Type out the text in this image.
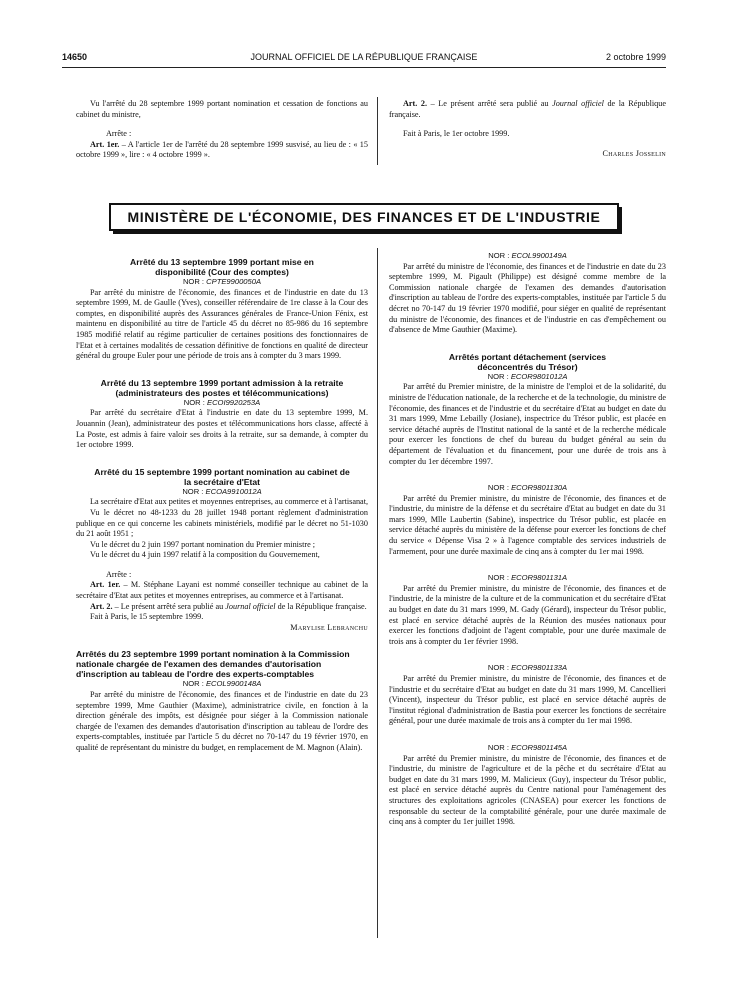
14650	JOURNAL OFFICIEL DE LA RÉPUBLIQUE FRANÇAISE	2 octobre 1999

Vu l'arrêté du 28 septembre 1999 portant nomination et cessation de fonctions au cabinet du ministre,

Arrête :

Art. 1er. – A l'article 1er de l'arrêté du 28 septembre 1999 susvisé, au lieu de : « 15 octobre 1999 », lire : « 4 octobre 1999 ».

Art. 2. – Le présent arrêté sera publié au Journal officiel de la République française.

Fait à Paris, le 1er octobre 1999.

Charles Josselin

MINISTÈRE DE L'ÉCONOMIE, DES FINANCES ET DE L'INDUSTRIE

Arrêté du 13 septembre 1999 portant mise en disponibilité (Cour des comptes)

NOR : CPTE9900050A

Par arrêté du ministre de l'économie, des finances et de l'industrie en date du 13 septembre 1999, M. de Gaulle (Yves), conseiller référendaire de 1re classe à la Cour des comptes, en disponibilité auprès des Assurances générales de France-Union Fénix, est maintenu en disponibilité au titre de l'article 45 du décret no 85-986 du 16 septembre 1985 modifié relatif au régime particulier de certaines positions des fonctionnaires de l'Etat et à certaines modalités de cessation définitive de fonctions en qualité de directeur général du groupe Euler pour une période de trois ans à compter du 3 mars 1999.

Arrêté du 13 septembre 1999 portant admission à la retraite (administrateurs des postes et télécommunications)

NOR : ECOI9920253A

Par arrêté du secrétaire d'Etat à l'industrie en date du 13 septembre 1999, M. Jouannin (Jean), administrateur des postes et télécommunications hors classe, affecté à La Poste, est admis à faire valoir ses droits à la retraite, sur sa demande, à compter du 1er octobre 1999.

Arrêté du 15 septembre 1999 portant nomination au cabinet de la secrétaire d'Etat

NOR : ECOA9910012A

La secrétaire d'Etat aux petites et moyennes entreprises, au commerce et à l'artisanat,

Vu le décret no 48-1233 du 28 juillet 1948 portant règlement d'administration publique en ce qui concerne les cabinets ministériels, modifié par le décret no 51-1030 du 21 août 1951 ;

Vu le décret du 2 juin 1997 portant nomination du Premier ministre ;

Vu le décret du 4 juin 1997 relatif à la composition du Gouvernement,

Arrête :

Art. 1er. – M. Stéphane Layani est nommé conseiller technique au cabinet de la secrétaire d'Etat aux petites et moyennes entreprises, au commerce et à l'artisanat.

Art. 2. – Le présent arrêté sera publié au Journal officiel de la République française.

Fait à Paris, le 15 septembre 1999.

Marylise Lebranchu

Arrêtés du 23 septembre 1999 portant nomination à la Commission nationale chargée de l'examen des demandes d'autorisation d'inscription au tableau de l'ordre des experts-comptables

NOR : ECOL9900148A

Par arrêté du ministre de l'économie, des finances et de l'industrie en date du 23 septembre 1999, Mme Gauthier (Maxime), administratrice civile, en fonction à la direction générale des impôts, est désignée pour siéger à la Commission nationale chargée de l'examen des demandes d'autorisation d'inscription au tableau de l'ordre des experts-comptables, instituée par l'article 5 du décret no 70-147 du 19 février 1970, en qualité de représentant du ministre du budget, en remplacement de M. Magnon (Alain).

NOR : ECOL9900149A

Par arrêté du ministre de l'économie, des finances et de l'industrie en date du 23 septembre 1999, M. Pigault (Philippe) est désigné comme membre de la Commission nationale chargée de l'examen des demandes d'autorisation d'inscription au tableau de l'ordre des experts-comptables, instituée par l'article 5 du décret no 70-147 du 19 février 1970 modifié, pour siéger en qualité de représentant du ministre de l'économie, des finances et de l'industrie en cas d'empêchement ou d'absence de Mme Gauthier (Maxime).

Arrêtés portant détachement (services déconcentrés du Trésor)

NOR : ECOR9801012A

Par arrêté du Premier ministre, de la ministre de l'emploi et de la solidarité, du ministre de l'éducation nationale, de la recherche et de la technologie, du ministre de l'économie, des finances et de l'industrie et du secrétaire d'Etat au budget en date du 31 mars 1999, Mme Lebailly (Josiane), inspectrice du Trésor public, est placée en service détaché auprès de l'Institut national de la santé et de la recherche médicale pour exercer les fonctions de chef du bureau du budget général au sein du département de l'évaluation et du financement, pour une durée de trois ans à compter du 1er décembre 1997.

NOR : ECOR9801130A

Par arrêté du Premier ministre, du ministre de l'économie, des finances et de l'industrie, du ministre de la défense et du secrétaire d'Etat au budget en date du 31 mars 1999, Mlle Laubertin (Sabine), inspectrice du Trésor public, est placée en service détaché auprès du ministère de la défense pour exercer les fonctions de chef du service « Dépense Visa 2 » à l'agence comptable des services industriels de l'armement, pour une durée maximale de cinq ans à compter du 1er mai 1998.

NOR : ECOR9801131A

Par arrêté du Premier ministre, du ministre de l'économie, des finances et de l'industrie, de la ministre de la culture et de la communication et du secrétaire d'Etat au budget en date du 31 mars 1999, M. Gady (Gérard), inspecteur du Trésor public, est placé en service détaché auprès de la Réunion des musées nationaux pour exercer les fonctions d'adjoint de l'agent comptable, pour une durée maximale de trois ans à compter du 1er février 1998.

NOR : ECOR9801133A

Par arrêté du Premier ministre, du ministre de l'économie, des finances et de l'industrie et du secrétaire d'Etat au budget en date du 31 mars 1999, M. Cancellieri (Vincent), inspecteur du Trésor public, est placé en service détaché auprès de l'institut régional d'administration de Bastia pour exercer les fonctions de secrétaire général, pour une durée maximale de trois ans à compter du 1er mai 1998.

NOR : ECOR9801145A

Par arrêté du Premier ministre, du ministre de l'économie, des finances et de l'industrie, du ministre de l'agriculture et de la pêche et du secrétaire d'Etat au budget en date du 31 mars 1999, M. Malicieux (Guy), inspecteur du Trésor public, est placé en service détaché auprès du Centre national pour l'aménagement des structures des exploitations agricoles (CNASEA) pour exercer les fonctions de responsable du secteur de la comptabilité générale, pour une durée maximale de cinq ans à compter du 1er juillet 1998.
